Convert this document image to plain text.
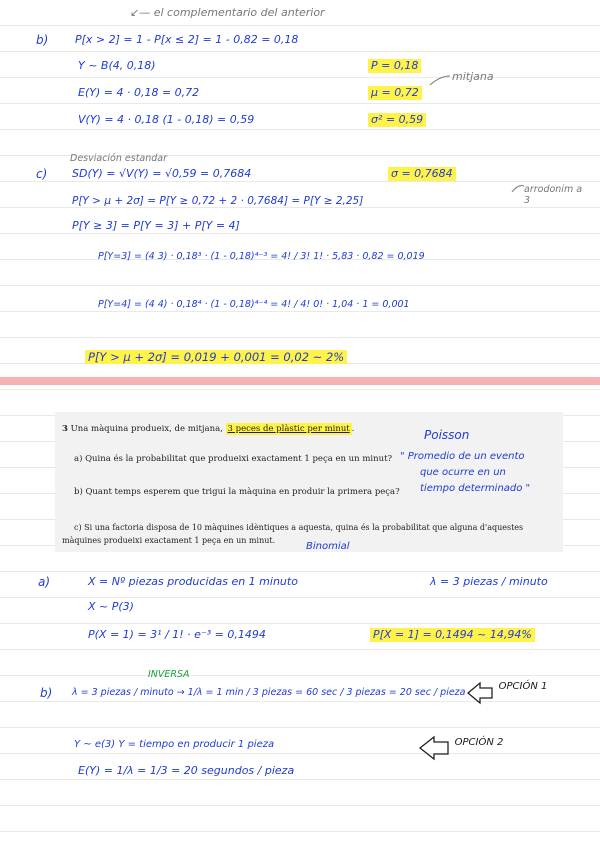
↙— el complementario del anterior
b) P[x > 2] = 1 - P[x ≤ 2] = 1 - 0,82 = 0,18
Y ~ B(4, 0,18)	P = 0,18
E(Y) = 4 · 0,18 = 0,72	μ = 0,72
mitjana
V(Y) = 4 · 0,18 (1 - 0,18) = 0,59	σ² = 0,59
Desviación estandar
c) SD(Y) = √V(Y) = √0,59 = 0,7684	σ = 0,7684
P[Y > μ + 2σ] = P[Y ≥ 0,72 + 2 · 0,7684] = P[Y ≥ 2,25]
arrodonim a 3
P[Y ≥ 3] = P[Y = 3] + P[Y = 4]
P[Y=3] = (4 3) · 0,18³ · (1 - 0,18)⁴⁻³ = 4! / 3! 1! · 5,83 · 0,82 = 0,019
P[Y=4] = (4 4) · 0,18⁴ · (1 - 0,18)⁴⁻⁴ = 4! / 4! 0! · 1,04 · 1 = 0,001
P[Y > μ + 2σ] = 0,019 + 0,001 = 0,02 ~ 2%
3 Una màquina produeix, de mitjana, 3 peces de plàstic per minut .
a) Quina és la probabilitat que produeixi exactament 1 peça en un minut?
b) Quant temps esperem que trigui la màquina en produir la primera peça?
c) Si una factoria disposa de 10 màquines idèntiques a aquesta, quina és la probabilitat que alguna d'aquestes
màquines produeixi exactament 1 peça en un minut.
Poisson
" Promedio de un evento
que ocurre en un
tiempo determinado "
Binomial
a)	X = Nº piezas producidas en 1 minuto	λ = 3 piezas / minuto
X ~ P(3)
P(X = 1) = 3¹ / 1! · e⁻³ = 0,1494	P[X = 1] = 0,1494 ~ 14,94%
INVERSA
b) λ = 3 piezas / minuto → 1/λ = 1 min / 3 piezas = 60 sec / 3 piezas = 20 sec / pieza
OPCIÓN 1
Y ~ e(3) Y = tiempo en producir 1 pieza	OPCIÓN 2
E(Y) = 1/λ = 1/3 = 20 segundos / pieza
